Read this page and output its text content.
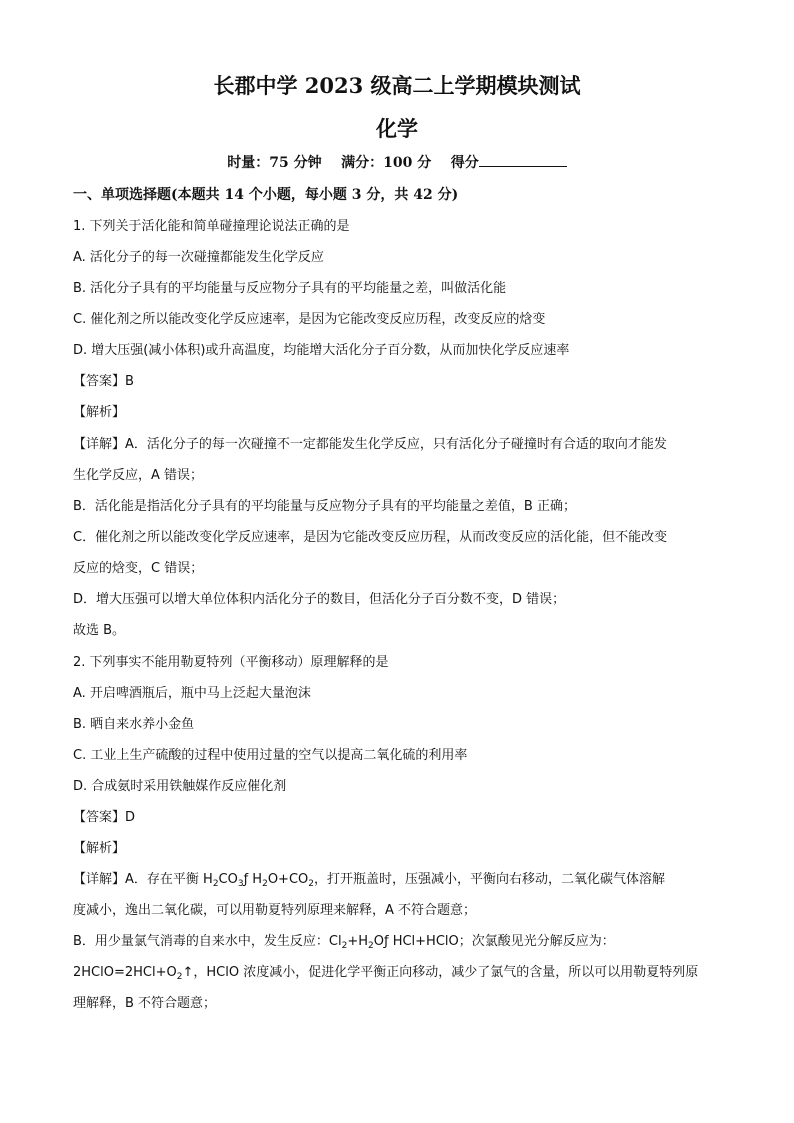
长郡中学 2023 级高二上学期模块测试
化学
时量：75 分钟 满分：100 分 得分
一、单项选择题(本题共 14 个小题，每小题 3 分，共 42 分)
1. 下列关于活化能和简单碰撞理论说法正确的是
A. 活化分子的每一次碰撞都能发生化学反应
B. 活化分子具有的平均能量与反应物分子具有的平均能量之差，叫做活化能
C. 催化剂之所以能改变化学反应速率，是因为它能改变反应历程，改变反应的焓变
D. 增大压强(减小体积)或升高温度，均能增大活化分子百分数，从而加快化学反应速率
【答案】B
【解析】
【详解】A．活化分子的每一次碰撞不一定都能发生化学反应，只有活化分子碰撞时有合适的取向才能发
生化学反应，A 错误；
B．活化能是指活化分子具有的平均能量与反应物分子具有的平均能量之差值，B 正确；
C．催化剂之所以能改变化学反应速率，是因为它能改变反应历程，从而改变反应的活化能，但不能改变
反应的焓变，C 错误；
D．增大压强可以增大单位体积内活化分子的数目，但活化分子百分数不变，D 错误；
故选 B。
2. 下列事实不能用勒夏特列（平衡移动）原理解释的是
A. 开启啤酒瓶后，瓶中马上泛起大量泡沫
B. 晒自来水养小金鱼
C. 工业上生产硫酸的过程中使用过量的空气以提高二氧化硫的利用率
D. 合成氨时采用铁触媒作反应催化剂
【答案】D
【解析】
【详解】A．存在平衡 $H_2CO_3ƒ$ $H_2O+CO_2$，打开瓶盖时，压强减小，平衡向右移动，二氧化碳气体溶解
度减小，逸出二氧化碳，可以用勒夏特列原理来解释，A 不符合题意；
B．用少量氯气消毒的自来水中，发生反应：$Cl_2+H_2Oƒ$ HCl+HClO；次氯酸见光分解反应为：
$2HClO=2HCl+O_2↑$，HClO 浓度减小，促进化学平衡正向移动，减少了氯气的含量，所以可以用勒夏特列原
理解释，B 不符合题意；
